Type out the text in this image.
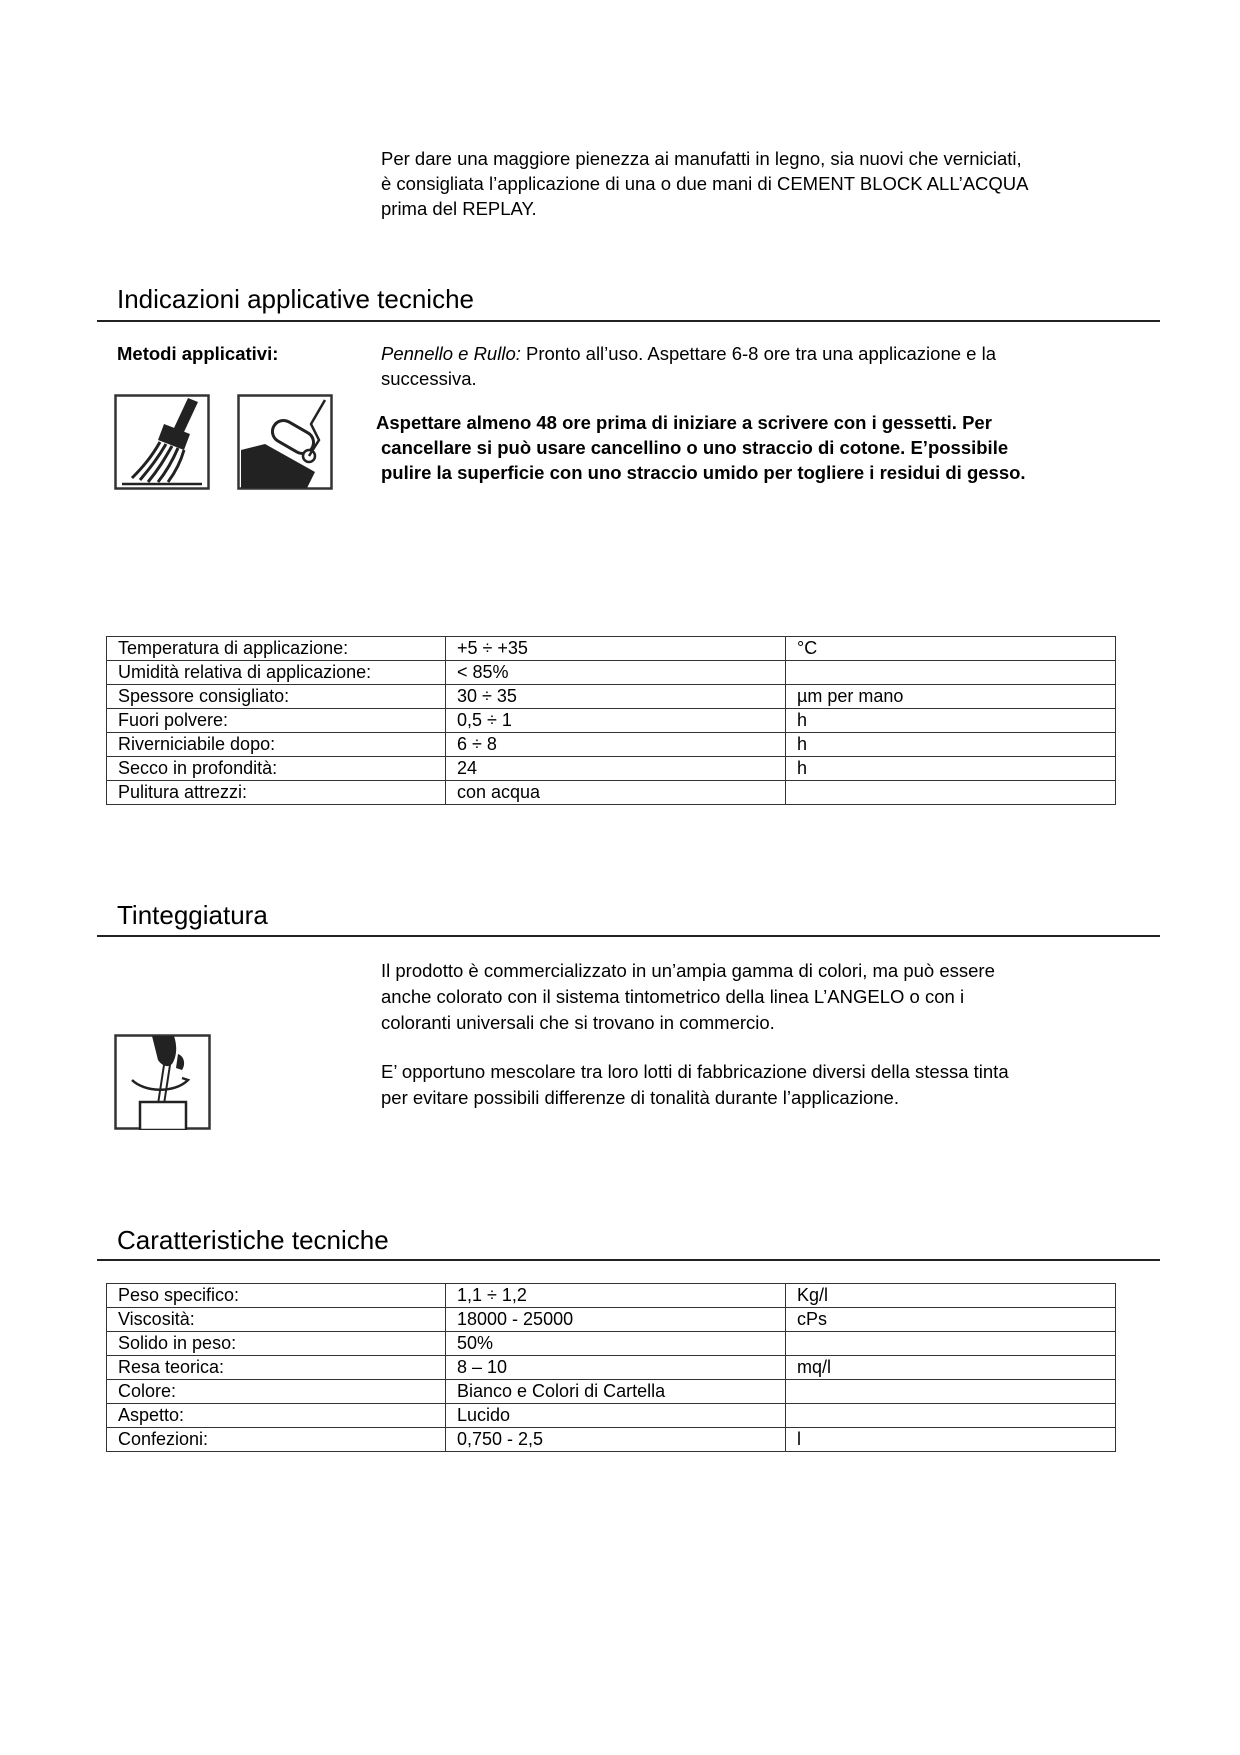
Per dare una maggiore pienezza ai manufatti in legno, sia nuovi che verniciati,
è consigliata l’applicazione di una o due mani di CEMENT BLOCK ALL’ACQUA
prima del REPLAY.
Indicazioni applicative tecniche
Metodi applicativi:	Pennello e Rullo: Pronto all’uso. Aspettare 6-8 ore tra una applicazione e la
successiva.
Aspettare almeno 48 ore prima di iniziare a scrivere con i gessetti. Per
cancellare si può usare cancellino o uno straccio di cotone. E’possibile
pulire la superficie con uno straccio umido per togliere i residui di gesso.
Temperatura di applicazione:	+5 ÷ +35	°C
Umidità relativa di applicazione:	< 85%	
Spessore consigliato:	30 ÷ 35	µm per mano
Fuori polvere:	0,5 ÷ 1	h
Riverniciabile dopo:	6 ÷ 8	h
Secco in profondità:	24	h
Pulitura attrezzi:	con acqua	
Tinteggiatura
Il prodotto è commercializzato in un’ampia gamma di colori, ma può essere
anche colorato con il sistema tintometrico della linea L’ANGELO o con i
coloranti universali che si trovano in commercio.
E’ opportuno mescolare tra loro lotti di fabbricazione diversi della stessa tinta
per evitare possibili differenze di tonalità durante l’applicazione.
Caratteristiche tecniche
Peso specifico:	1,1 ÷ 1,2	Kg/l
Viscosità:	18000 - 25000	cPs
Solido in peso:	50%	
Resa teorica:	8 – 10	mq/l
Colore:	Bianco e Colori di Cartella	
Aspetto:	Lucido	
Confezioni:	0,750 - 2,5	l
